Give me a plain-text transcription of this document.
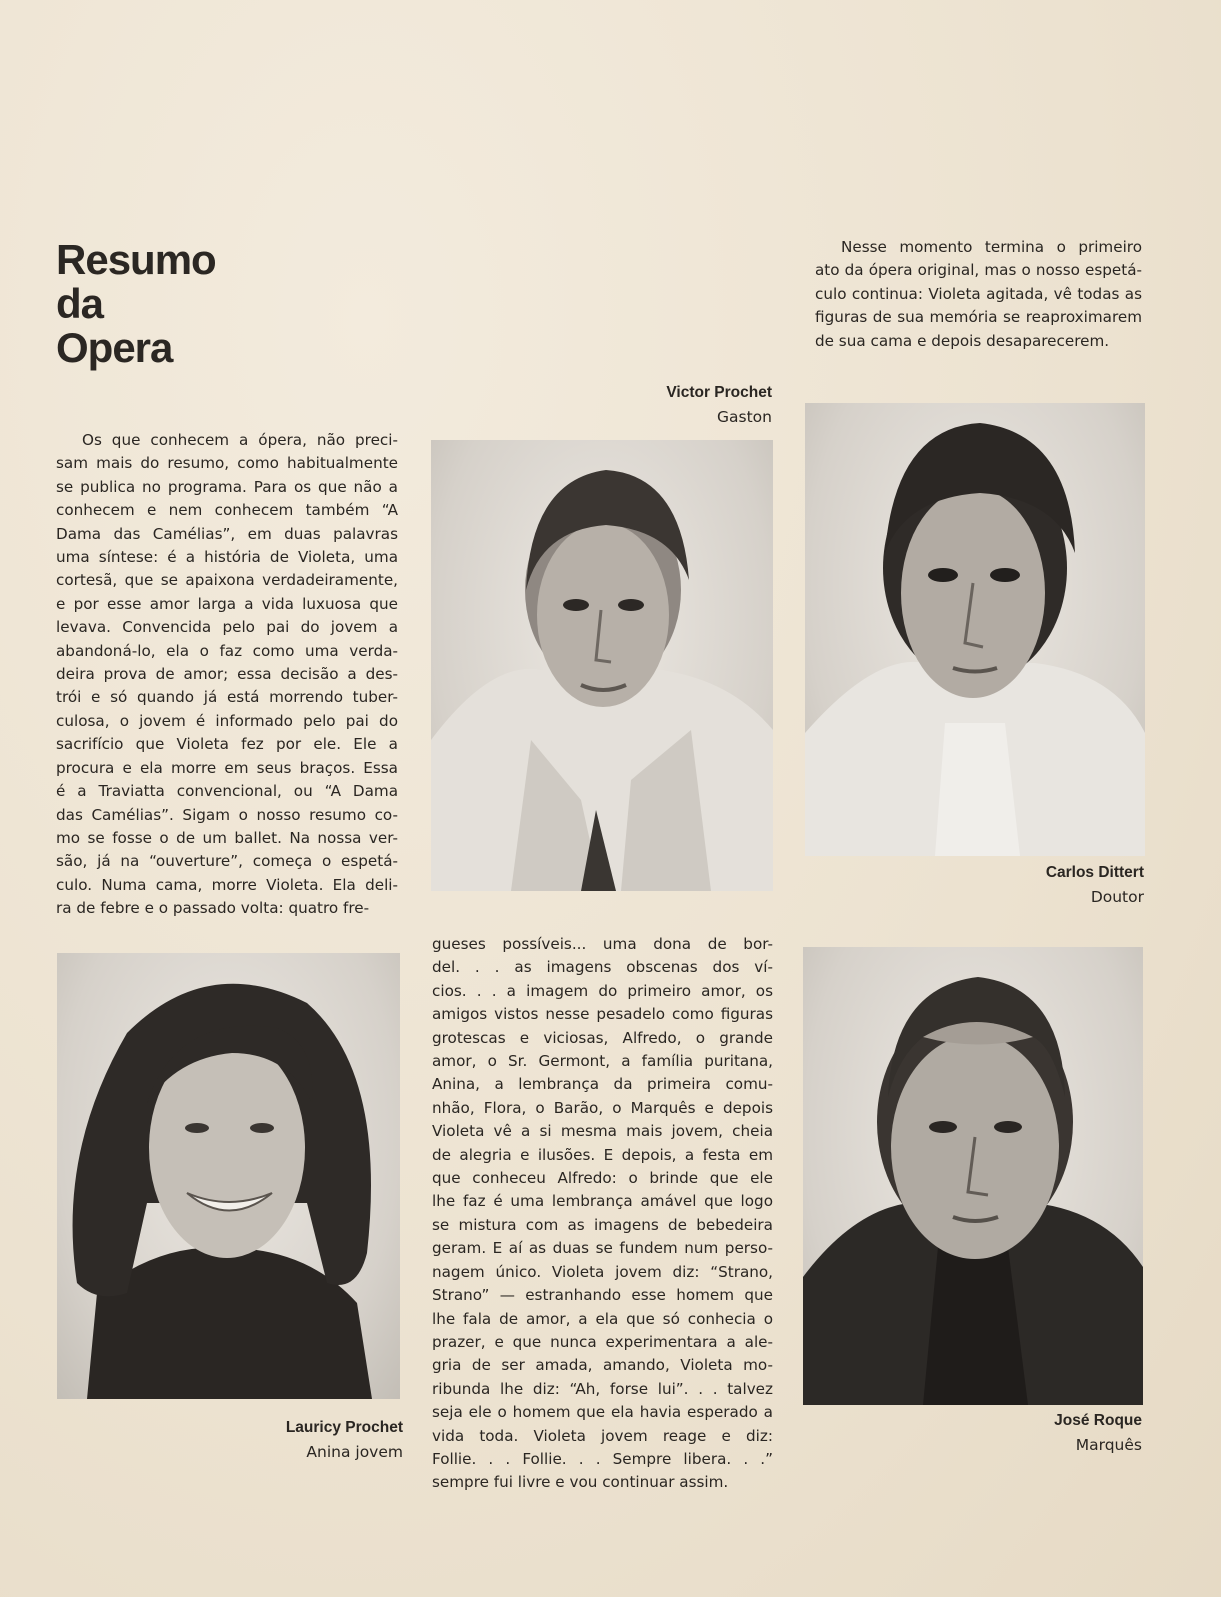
Resumo
da
Opera
Nesse momento termina o primeiro
ato da ópera original, mas o nosso espetá-
culo continua: Violeta agitada, vê todas as
figuras de sua memória se reaproximarem
de sua cama e depois desaparecerem.
Os que conhecem a ópera, não preci-
sam mais do resumo, como habitualmente
se publica no programa. Para os que não a
conhecem e nem conhecem também “A
Dama das Camélias”, em duas palavras
uma síntese: é a história de Violeta, uma
cortesã, que se apaixona verdadeiramente,
e por esse amor larga a vida luxuosa que
levava. Convencida pelo pai do jovem a
abandoná-lo, ela o faz como uma verda-
deira prova de amor; essa decisão a des-
trói e só quando já está morrendo tuber-
culosa, o jovem é informado pelo pai do
sacrifício que Violeta fez por ele. Ele a
procura e ela morre em seus braços. Essa
é a Traviatta convencional, ou “A Dama
das Camélias”. Sigam o nosso resumo co-
mo se fosse o de um ballet. Na nossa ver-
são, já na “ouverture”, começa o espetá-
culo. Numa cama, morre Violeta. Ela deli-
ra de febre e o passado volta: quatro fre-
gueses possíveis... uma dona de bor-
del. . . as imagens obscenas dos ví-
cios. . . a imagem do primeiro amor, os
amigos vistos nesse pesadelo como figuras
grotescas e viciosas, Alfredo, o grande
amor, o Sr. Germont, a família puritana,
Anina, a lembrança da primeira comu-
nhão, Flora, o Barão, o Marquês e depois
Violeta vê a si mesma mais jovem, cheia
de alegria e ilusões. E depois, a festa em
que conheceu Alfredo: o brinde que ele
lhe faz é uma lembrança amável que logo
se mistura com as imagens de bebedeira
geram. E aí as duas se fundem num perso-
nagem único. Violeta jovem diz: “Strano,
Strano” — estranhando esse homem que
lhe fala de amor, a ela que só conhecia o
prazer, e que nunca experimentara a ale-
gria de ser amada, amando, Violeta mo-
ribunda lhe diz: “Ah, forse lui”. . . talvez
seja ele o homem que ela havia esperado a
vida toda. Violeta jovem reage e diz:
Follie. . . Follie. . . Sempre libera. . .”
sempre fui livre e vou continuar assim.
Victor Prochet
Gaston
Carlos Dittert
Doutor
Lauricy Prochet
Anina jovem
José Roque
Marquês
